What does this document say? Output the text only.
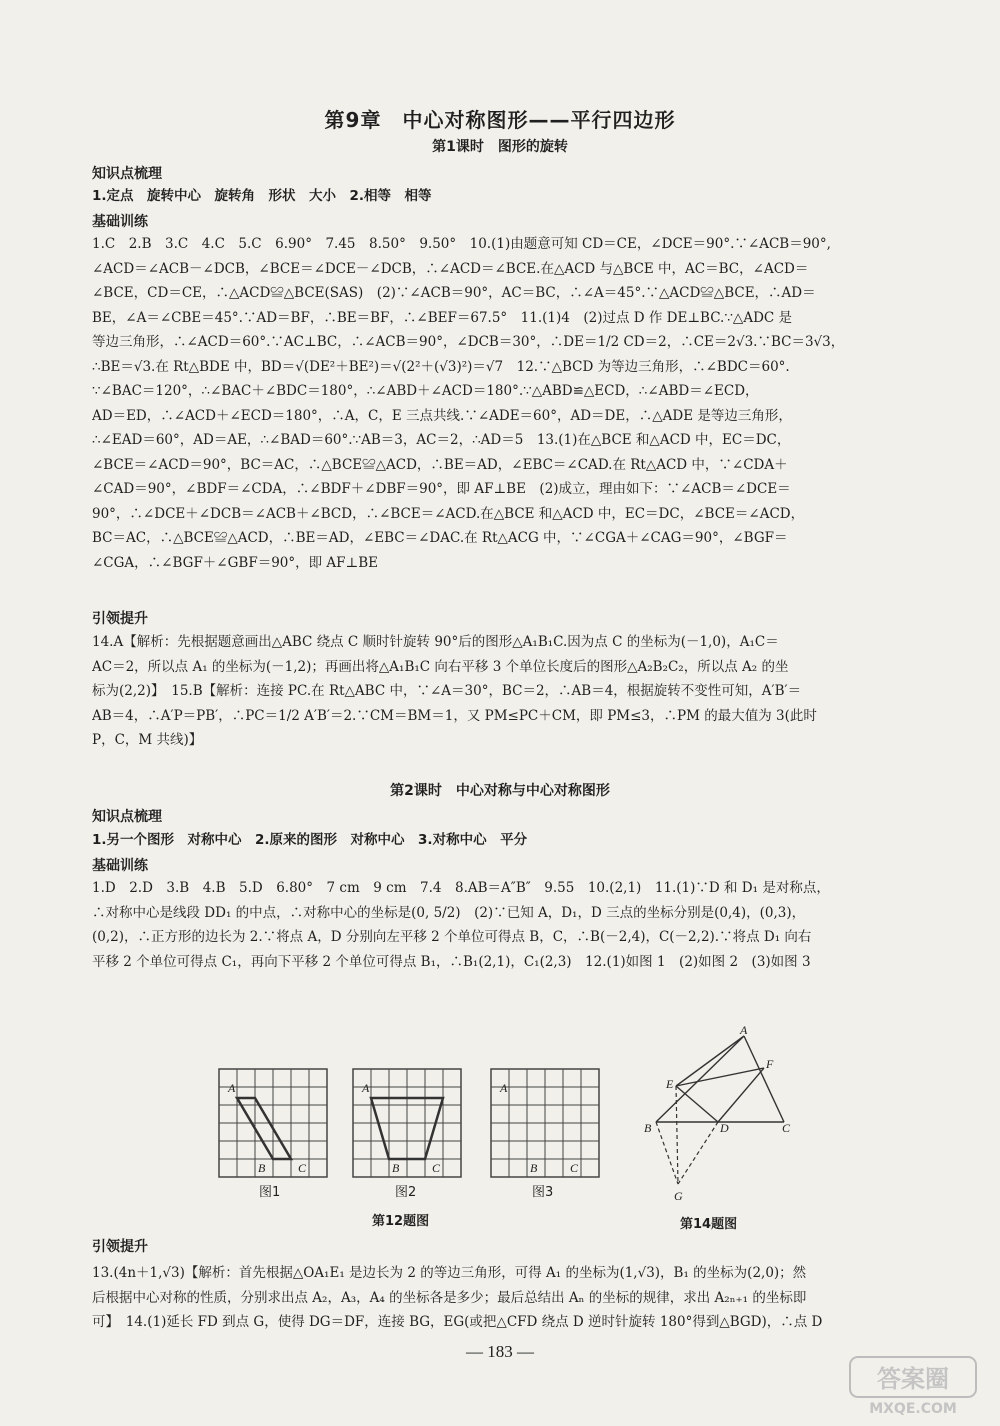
第9章　中心对称图形——平行四边形
第1课时　图形的旋转
知识点梳理

1.定点　旋转中心　旋转角　形状　大小　2.相等　相等

基础训练

1.C　2.B　3.C　4.C　5.C　6.90°　7.45　8.50°　9.50°　10.(1)由题意可知 CD＝CE，∠DCE＝90°.∵∠ACB＝90°,

∠ACD＝∠ACB－∠DCB，∠BCE＝∠DCE－∠DCB，∴∠ACD＝∠BCE.在△ACD 与△BCE 中，AC＝BC，∠ACD＝

∠BCE，CD＝CE，∴△ACD≌△BCE(SAS)　(2)∵∠ACB＝90°，AC＝BC，∴∠A＝45°.∵△ACD≌△BCE，∴AD＝

BE，∠A＝∠CBE＝45°.∵AD＝BF，∴BE＝BF，∴∠BEF＝67.5°　11.(1)4　(2)过点 D 作 DE⊥BC.∵△ADC 是

等边三角形，∴∠ACD＝60°.∵AC⊥BC，∴∠ACB＝90°，∠DCB＝30°，∴DE＝1/2 CD＝2，∴CE＝2√3.∵BC＝3√3，

∴BE＝√3.在 Rt△BDE 中，BD＝√(DE²＋BE²)＝√(2²＋(√3)²)＝√7　12.∵△BCD 为等边三角形，∴∠BDC＝60°.

∵∠BAC＝120°，∴∠BAC＋∠BDC＝180°，∴∠ABD＋∠ACD＝180°.∵△ABD≌△ECD，∴∠ABD＝∠ECD，

AD＝ED，∴∠ACD＋∠ECD＝180°，∴A，C，E 三点共线.∵∠ADE＝60°，AD＝DE，∴△ADE 是等边三角形，

∴∠EAD＝60°，AD＝AE，∴∠BAD＝60°.∵AB＝3，AC＝2，∴AD＝5　13.(1)在△BCE 和△ACD 中，EC＝DC，

∠BCE＝∠ACD＝90°，BC＝AC，∴△BCE≌△ACD，∴BE＝AD，∠EBC＝∠CAD.在 Rt△ACD 中，∵∠CDA＋

∠CAD＝90°，∠BDF＝∠CDA，∴∠BDF＋∠DBF＝90°，即 AF⊥BE　(2)成立，理由如下：∵∠ACB＝∠DCE＝

90°，∴∠DCE＋∠DCB＝∠ACB＋∠BCD，∴∠BCE＝∠ACD.在△BCE 和△ACD 中，EC＝DC，∠BCE＝∠ACD，

BC＝AC，∴△BCE≌△ACD，∴BE＝AD，∠EBC＝∠DAC.在 Rt△ACG 中，∵∠CGA＋∠CAG＝90°，∠BGF＝

∠CGA，∴∠BGF＋∠GBF＝90°，即 AF⊥BE

引领提升

14.A【解析：先根据题意画出△ABC 绕点 C 顺时针旋转 90°后的图形△A₁B₁C.因为点 C 的坐标为(－1,0)，A₁C＝

AC＝2，所以点 A₁ 的坐标为(－1,2)；再画出将△A₁B₁C 向右平移 3 个单位长度后的图形△A₂B₂C₂，所以点 A₂ 的坐

标为(2,2)】　15.B【解析：连接 PC.在 Rt△ABC 中，∵∠A＝30°，BC＝2，∴AB＝4，根据旋转不变性可知，A′B′＝

AB＝4，∴A′P＝PB′，∴PC＝1/2 A′B′＝2.∵CM＝BM＝1，又 PM≤PC＋CM，即 PM≤3，∴PM 的最大值为 3(此时

P，C，M 共线)】

第2课时　中心对称与中心对称图形
知识点梳理

1.另一个图形　对称中心　2.原来的图形　对称中心　3.对称中心　平分

基础训练

1.D　2.D　3.B　4.B　5.D　6.80°　7 cm　9 cm　7.4　8.AB＝A″B″　9.55　10.(2,1)　11.(1)∵D 和 D₁ 是对称点，

∴对称中心是线段 DD₁ 的中点，∴对称中心的坐标是(0, 5/2)　(2)∵已知 A，D₁，D 三点的坐标分别是(0,4)，(0,3)，

(0,2)，∴正方形的边长为 2.∵将点 A，D 分别向左平移 2 个单位可得点 B，C，∴B(－2,4)，C(－2,2).∵将点 D₁ 向右

平移 2 个单位可得点 C₁，再向下平移 2 个单位可得点 B₁，∴B₁(2,1)，C₁(2,3)　12.(1)如图 1　(2)如图 2　(3)如图 3

A
B	C
图1
A
B	C
图2
A
B	C
图3
第12题图
A
F
E
B	D	C
G
第14题图
引领提升

13.(4n＋1,√3)【解析：首先根据△OA₁E₁ 是边长为 2 的等边三角形，可得 A₁ 的坐标为(1,√3)，B₁ 的坐标为(2,0)；然

后根据中心对称的性质，分别求出点 A₂，A₃，A₄ 的坐标各是多少；最后总结出 Aₙ 的坐标的规律，求出 A₂ₙ₊₁ 的坐标即

可】　14.(1)延长 FD 到点 G，使得 DG＝DF，连接 BG，EG(或把△CFD 绕点 D 逆时针旋转 180°得到△BGD)，∴点 D

— 183 —
答案圈
MXQE.COM
